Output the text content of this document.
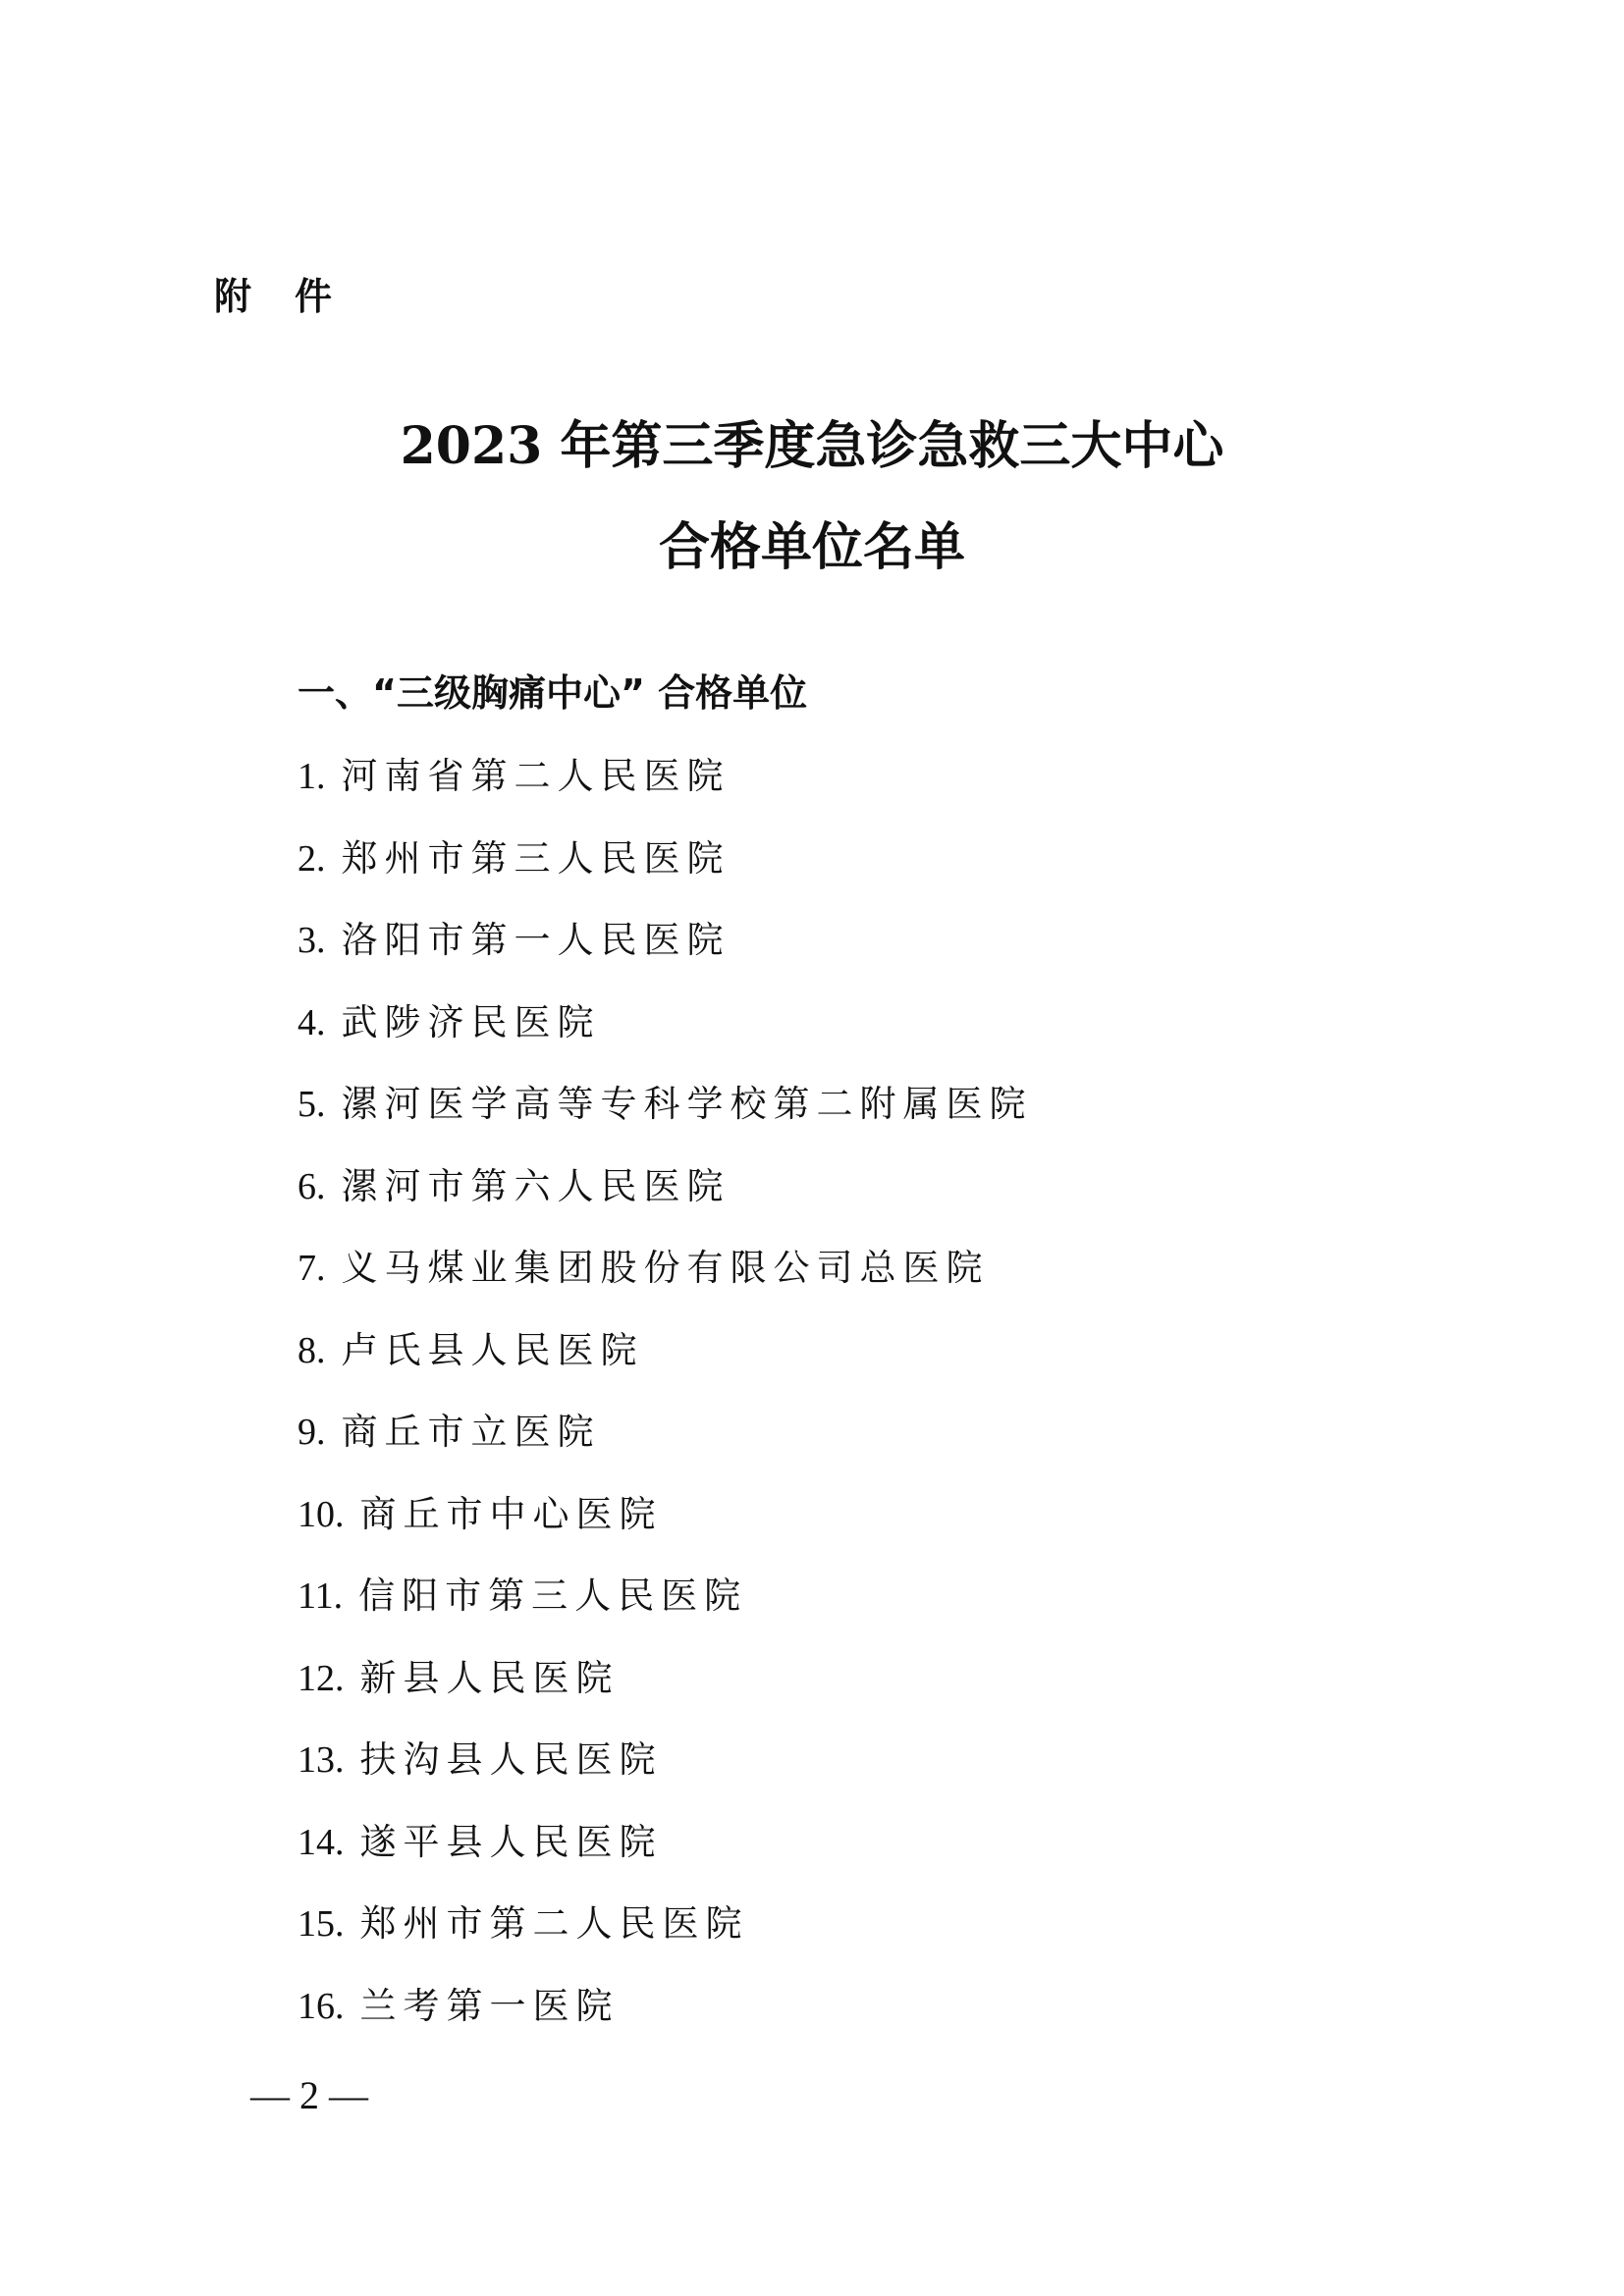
附件
2023 年第三季度急诊急救三大中心
合格单位名单
一、“三级胸痛中心” 合格单位
1. 河南省第二人民医院
2. 郑州市第三人民医院
3. 洛阳市第一人民医院
4. 武陟济民医院
5. 漯河医学高等专科学校第二附属医院
6. 漯河市第六人民医院
7. 义马煤业集团股份有限公司总医院
8. 卢氏县人民医院
9. 商丘市立医院
10. 商丘市中心医院
11. 信阳市第三人民医院
12. 新县人民医院
13. 扶沟县人民医院
14. 遂平县人民医院
15. 郑州市第二人民医院
16. 兰考第一医院
— 2 —
